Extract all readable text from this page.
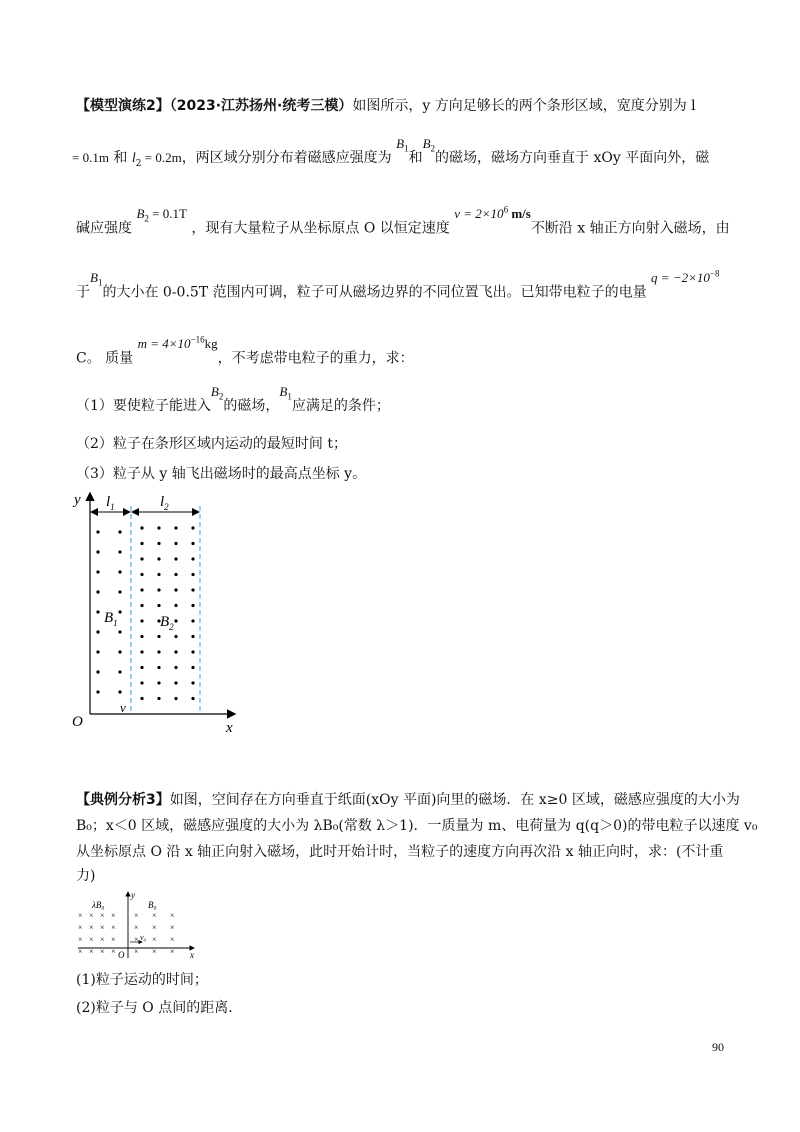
【模型演练2】（2023·江苏扬州·统考三模）如图所示，y 方向足够长的两个条形区域，宽度分别为 l
= 0.1m 和 $l_2 = 0.2m$，两区域分别分布着磁感应强度为 $B_1$和$B_2$的磁场，磁场方向垂直于 xOy 平面向外，磁
碱应强度 $B_2 = 0.1T$ ，现有大量粒子从坐标原点 O 以恒定速度 $v = 2\times 10^6$ m/s不断沿 x 轴正方向射入磁场，由
于$B_1$的大小在 0-0.5T 范围内可调，粒子可从磁场边界的不同位置飞出。已知带电粒子的电量 $q = -2\times 10^{-8}$
C。 质量 $m = 4\times 10^{-16}kg$，不考虑带电粒子的重力，求：
（1）要使粒子能进入$B_2$的磁场，$B_1$应满足的条件；
（2）粒子在条形区域内运动的最短时间 t；
（3）粒子从 y 轴飞出磁场时的最高点坐标 y。
y
x
O
$l_1$	$l_2$
$B_1$	$B_2$
v
【典例分析3】如图，空间存在方向垂直于纸面(xOy 平面)向里的磁场．在 x≥0 区域，磁感应强度的大小为
B₀；x＜0 区域，磁感应强度的大小为 λB₀(常数 λ＞1)．一质量为 m、电荷量为 q(q＞0)的带电粒子以速度 v₀
从坐标原点 O 沿 x 轴正向射入磁场，此时开始计时，当粒子的速度方向再次沿 x 轴正向时，求：(不计重
力)
y
x
O
λB₀	B₀
v₀
× × × ×
× × × ×
× × × ×
× × × ×
× × ×
× × ×
× × ×
× × ×
(1)粒子运动的时间；
(2)粒子与 O 点间的距离．
90
